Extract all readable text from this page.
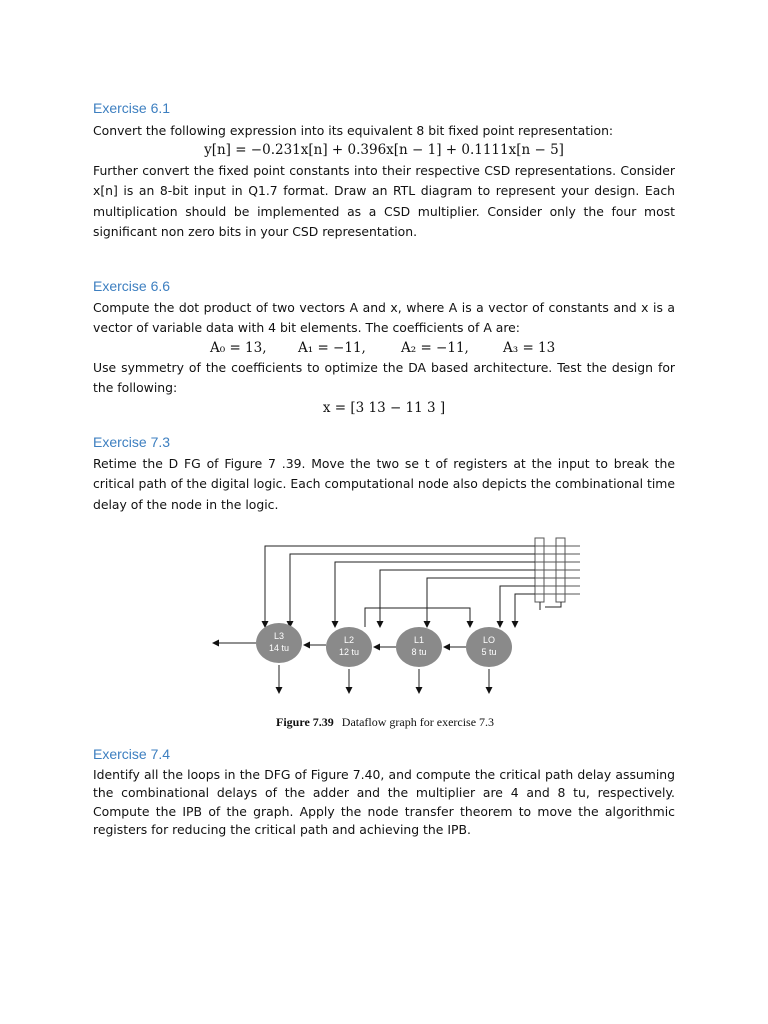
Exercise 6.1

Convert the following expression into its equivalent 8 bit fixed point representation:

y[n] = −0.231x[n] + 0.396x[n − 1] + 0.1111x[n − 5]

Further convert the fixed point constants into their respective CSD representations. Consider x[n] is an 8-bit input in Q1.7 format. Draw an RTL diagram to represent your design. Each multiplication should be implemented as a CSD multiplier. Consider only the four most significant non zero bits in your CSD representation.

Exercise 6.6

Compute the dot product of two vectors A and x, where A is a vector of constants and x is a vector of variable data with 4 bit elements. The coefficients of A are:

A₀ = 13, A₁ = −11,	A₂ = −11,	A₃ = 13

Use symmetry of the coefficients to optimize the DA based architecture. Test the design for the following:

x = [3 13 − 11 3 ]

Exercise 7.3

Retime the D FG of Figure 7 .39. Move the two se t of registers at the input to break the critical path of the digital logic. Each computational node also depicts the combinational time delay of the node in the logic.

L3
14 tu
L2
12 tu
L1
8 tu
LO
5 tu
Figure 7.39 Dataflow graph for exercise 7.3
Exercise 7.4

Identify all the loops in the DFG of Figure 7.40, and compute the critical path delay assuming the combinational delays of the adder and the multiplier are 4 and 8 tu, respectively. Compute the IPB of the graph. Apply the node transfer theorem to move the algorithmic registers for reducing the critical path and achieving the IPB.
